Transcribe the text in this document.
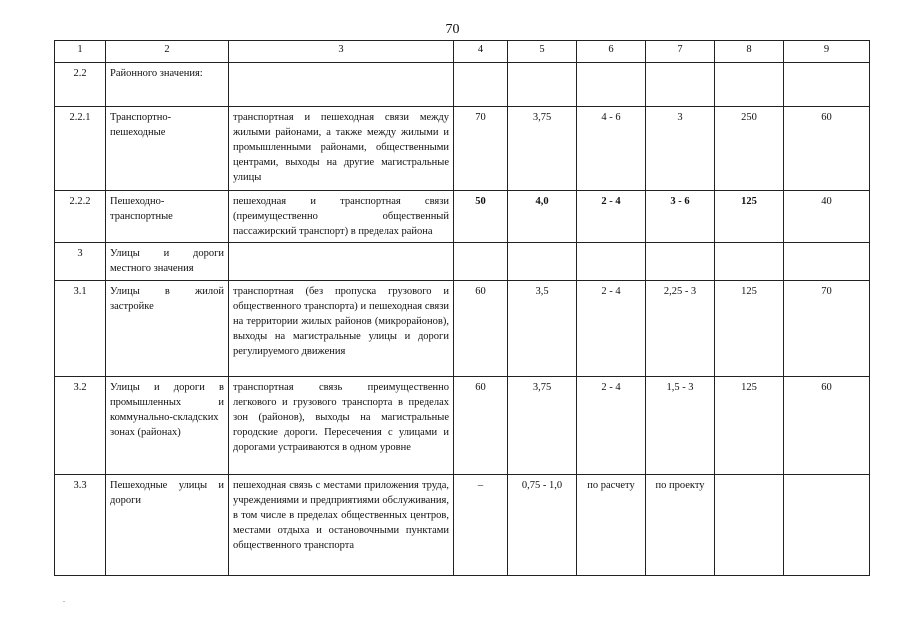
70
1	2	3	4	5	6	7	8	9
2.2	Районного значения:							
2.2.1	Транспортно-пешеходные	транспортная и пешеходная связи между жилыми районами, а также между жилыми и промышленными районами, общественными центрами, выходы на другие магистральные улицы	70	3,75	4 - 6	3	250	60
2.2.2	Пешеходно-транспортные	пешеходная и транспортная связи (преимущественно общественный пассажирский транспорт) в пределах района	50	4,0	2 - 4	3 - 6	125	40
3	Улицы и дороги местного значения							
3.1	Улицы в жилой застройке	транспортная (без пропуска грузового и общественного транспорта) и пешеходная связи на территории жилых районов (микрорайонов), выходы на магистральные улицы и дороги регулируемого движения	60	3,5	2 - 4	2,25 - 3	125	70
3.2	Улицы и дороги в промышленных и коммунально-складских зонах (районах)	транспортная связь преимущественно легкового и грузового транспорта в пределах зон (районов), выходы на магистральные городские дороги. Пересечения с улицами и дорогами устраиваются в одном уровне	60	3,75	2 - 4	1,5 - 3	125	60
3.3	Пешеходные улицы и дороги	пешеходная связь с местами приложения труда, учреждениями и предприятиями обслуживания, в том числе в пределах общественных центров, местами отдыха и остановочными пунктами общественного транспорта	–	0,75 - 1,0	по расчету	по проекту		
